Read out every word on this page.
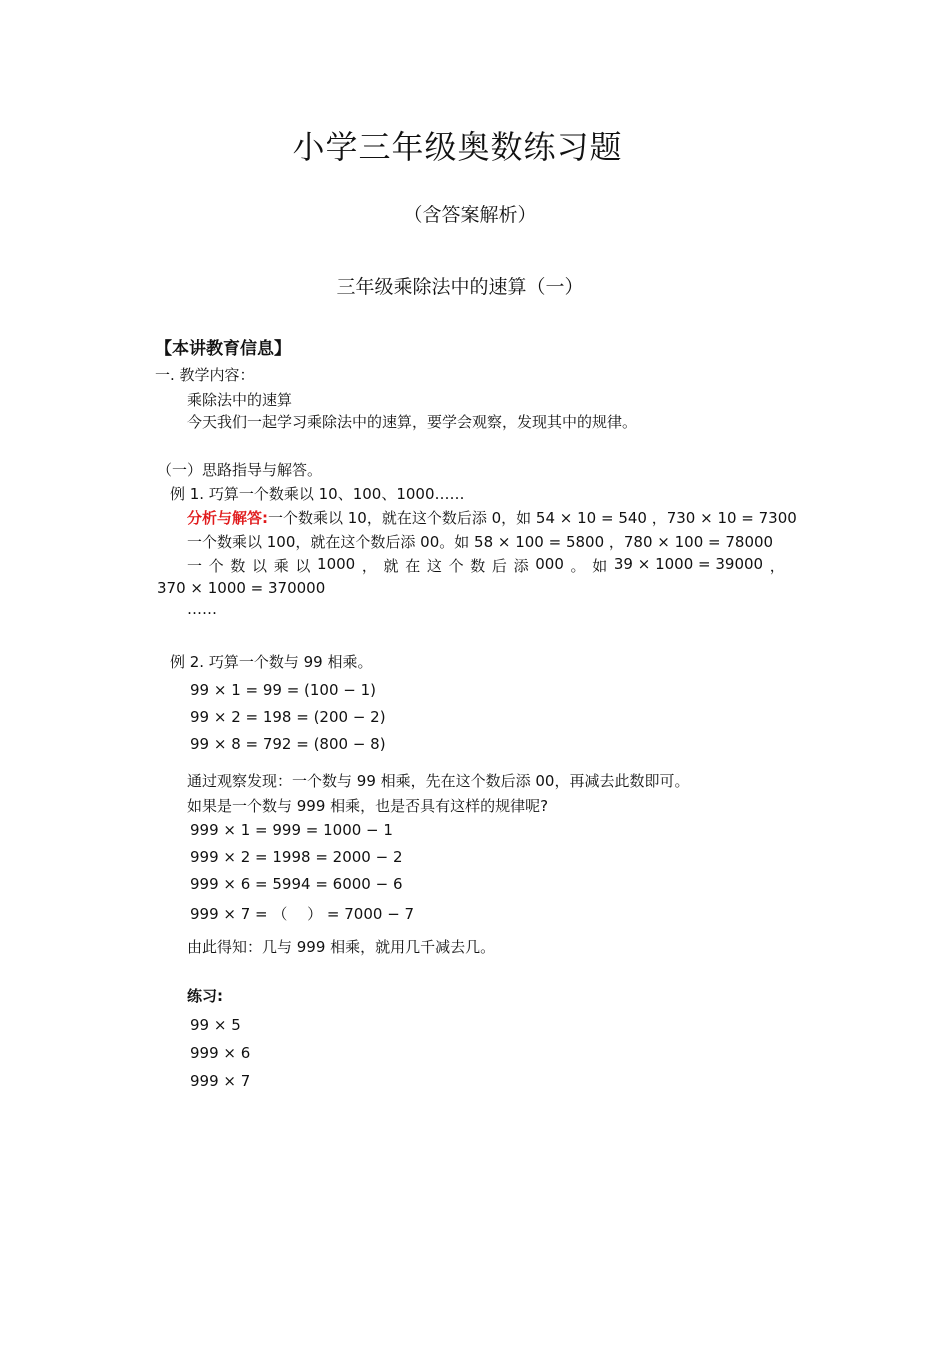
小学三年级奥数练习题
（含答案解析）
三年级乘除法中的速算（一）
【本讲教育信息】
一. 教学内容：
乘除法中的速算
今天我们一起学习乘除法中的速算，要学会观察，发现其中的规律。
（一）思路指导与解答。
例 1. 巧算一个数乘以 10、100、1000……
分析与解答:一个数乘以 10，就在这个数后添 0，如 54 × 10 = 540 ，730 × 10 = 7300
一个数乘以 100，就在这个数后添 00。如 58 × 100 = 5800 ，780 × 100 = 78000
一 个 数 以 乘 以 1000 ， 就 在 这 个 数 后 添 000 。 如 39 × 1000 = 39000 ，
370 × 1000 = 370000
……
例 2. 巧算一个数与 99 相乘。
99 × 1 = 99 = (100 − 1)
99 × 2 = 198 = (200 − 2)
99 × 8 = 792 = (800 − 8)
通过观察发现：一个数与 99 相乘，先在这个数后添 00，再减去此数即可。
如果是一个数与 999 相乘，也是否具有这样的规律呢?
999 × 1 = 999 = 1000 − 1
999 × 2 = 1998 = 2000 − 2
999 × 6 = 5994 = 6000 − 6
999 × 7 = （　 ） = 7000 − 7
由此得知：几与 999 相乘，就用几千减去几。
练习:
99 × 5
999 × 6
999 × 7
